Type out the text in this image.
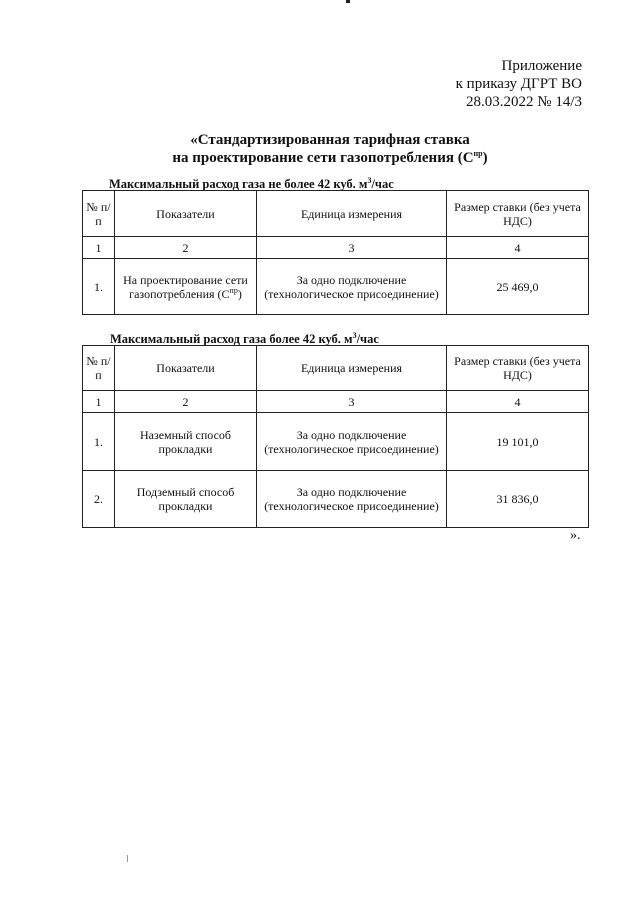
Приложение
к приказу ДГРТ ВО
28.03.2022 № 14/3
«Стандартизированная тарифная ставка
на проектирование сети газопотребления $(С^{пр})$
Максимальный расход газа не более 42 куб. $м^3$/час
№ п/п	Показатели	Единица измерения	Размер ставки (без учета НДС)
1	2	3	4
1.	На проектирование сети газопотребления $(С^{пр})$	За одно подключение (технологическое присоединение)	25 469,0
Максимальный расход газа более 42 куб. $м^3$/час
№ п/п	Показатели	Единица измерения	Размер ставки (без учета НДС)
1	2	3	4
1.	Наземный способ прокладки	За одно подключение (технологическое присоединение)	19 101,0
2.	Подземный способ прокладки	За одно подключение (технологическое присоединение)	31 836,0
».
